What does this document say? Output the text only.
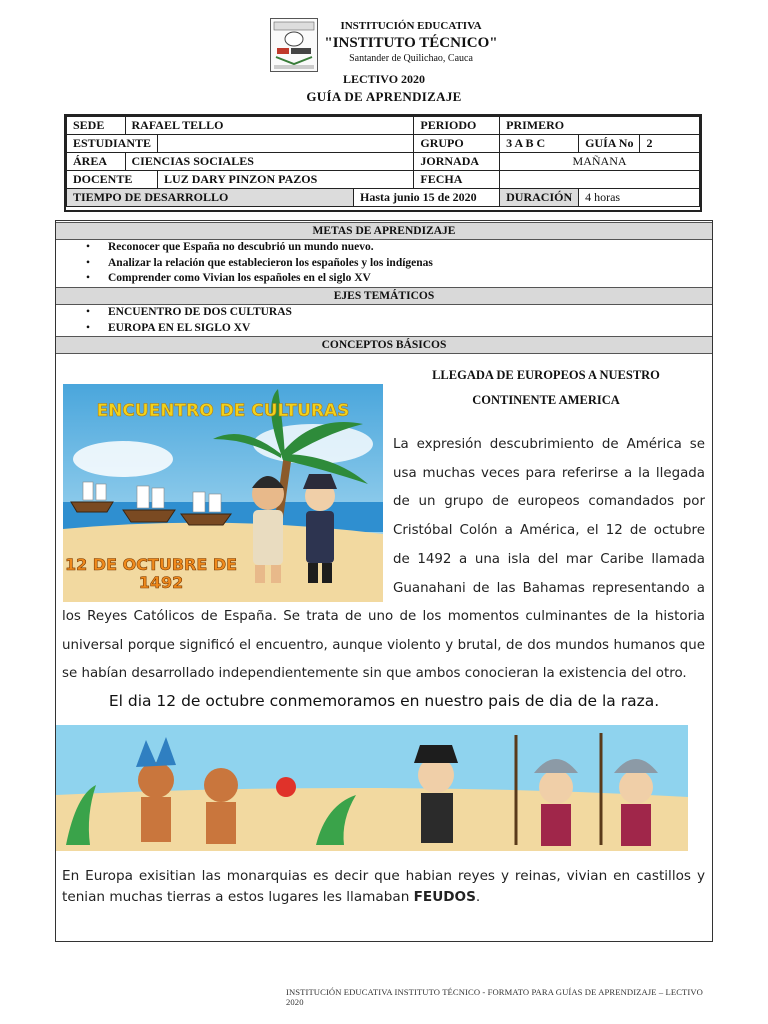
INSTITUCIÓN EDUCATIVA
"INSTITUTO TÉCNICO"
Santander de Quilichao, Cauca
LECTIVO 2020
GUÍA DE APRENDIZAJE
SEDE	RAFAEL TELLO			PERIODO	PRIMERO		
ESTUDIANTE				GRUPO	3 A B C	GUÍA No	2
ÁREA	CIENCIAS SOCIALES			JORNADA	MAÑANA		
DOCENTE		LUZ DARY PINZON PAZOS		FECHA			
TIEMPO DE DESARROLLO			Hasta junio 15 de 2020		DURACIÓN	4 horas	
METAS DE APRENDIZAJE
• Reconocer que España no descubrió un mundo nuevo.
• Analizar la relación que establecieron los españoles y los indígenas
• Comprender como Vivian los españoles en el siglo XV
EJES TEMÁTICOS
• ENCUENTRO DE DOS CULTURAS
• EUROPA EN EL SIGLO XV
CONCEPTOS BÁSICOS
ENCUENTRO DE CULTURAS
12 DE OCTUBRE DE
1492
LLEGADA DE EUROPEOS A NUESTRO
CONTINENTE AMERICA
La expresión descubrimiento de América se usa muchas veces para referirse a la llegada de un grupo de europeos comandados por Cristóbal Colón a América, el 12 de octubre de 1492 a una isla del mar Caribe llamada Guanahani de las Bahamas representando a
los Reyes Católicos de España. Se trata de uno de los momentos culminantes de la historia universal porque significó el encuentro, aunque violento y brutal, de dos mundos humanos que se habían desarrollado independientemente sin que ambos conocieran la existencia del otro.
El dia 12 de octubre conmemoramos en nuestro pais de dia de la raza.
En Europa exisitian las monarquias es decir que habian reyes y reinas, vivian en castillos y tenian muchas tierras a estos lugares les llamaban FEUDOS.
INSTITUCIÓN EDUCATIVA INSTITUTO TÉCNICO - FORMATO PARA GUÍAS DE APRENDIZAJE – LECTIVO 2020
